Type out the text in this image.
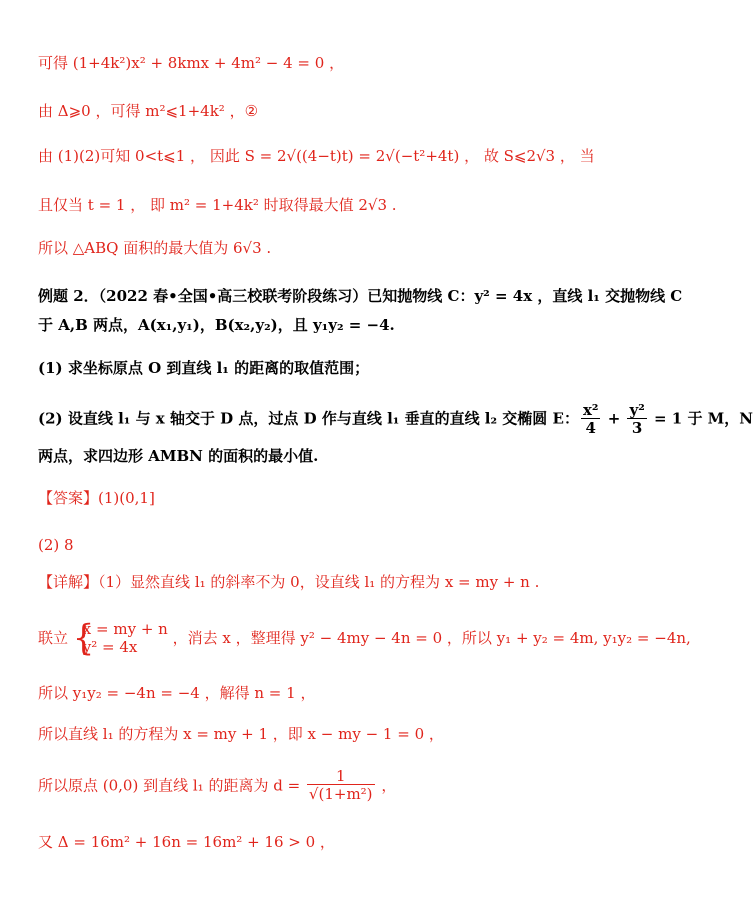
可得 (1+4k²)x² + 8kmx + 4m² − 4 = 0 ，
由 Δ⩾0 ，可得 m²⩽1+4k² ，②
由 (1)(2)可知 0<t⩽1 ， 因此 S = 2√((4−t)t) = 2√(−t²+4t) ， 故 S⩽2√3 ， 当
且仅当 t = 1 ， 即 m² = 1+4k² 时取得最大值 2√3 .
所以 △ABQ 面积的最大值为 6√3 .
例题 2．（2022 春•全国•高三校联考阶段练习）已知抛物线 C：y² = 4x ，直线 l₁ 交抛物线 C
于 A,B 两点，A(x₁,y₁)，B(x₂,y₂)，且 y₁y₂ = −4.
(1) 求坐标原点 O 到直线 l₁ 的距离的取值范围；
(2) 设直线 l₁ 与 x 轴交于 D 点，过点 D 作与直线 l₁ 垂直的直线 l₂ 交椭圆 E： $\frac{\text{x²}}{4} + \frac{\text{y²}}{3} = 1$ 于 M，N
两点，求四边形 AMBN 的面积的最小值.
【答案】(1)(0,1]
(2) 8
【详解】（1）显然直线 l₁ 的斜率不为 0，设直线 l₁ 的方程为 x = my + n .
联立 {
x = my + n
y² = 4x	，消去 x ，整理得 y² − 4my − 4n = 0 ，所以 y₁ + y₂ = 4m, y₁y₂ = −4n,
所以 y₁y₂ = −4n = −4 ，解得 n = 1 ，
所以直线 l₁ 的方程为 x = my + 1 ，即 x − my − 1 = 0 ，
所以原点 (0,0) 到直线 l₁ 的距离为 $d = \frac{1}{\text{√(1+m²)}}$ ，
又 Δ = 16m² + 16n = 16m² + 16 > 0 ，
